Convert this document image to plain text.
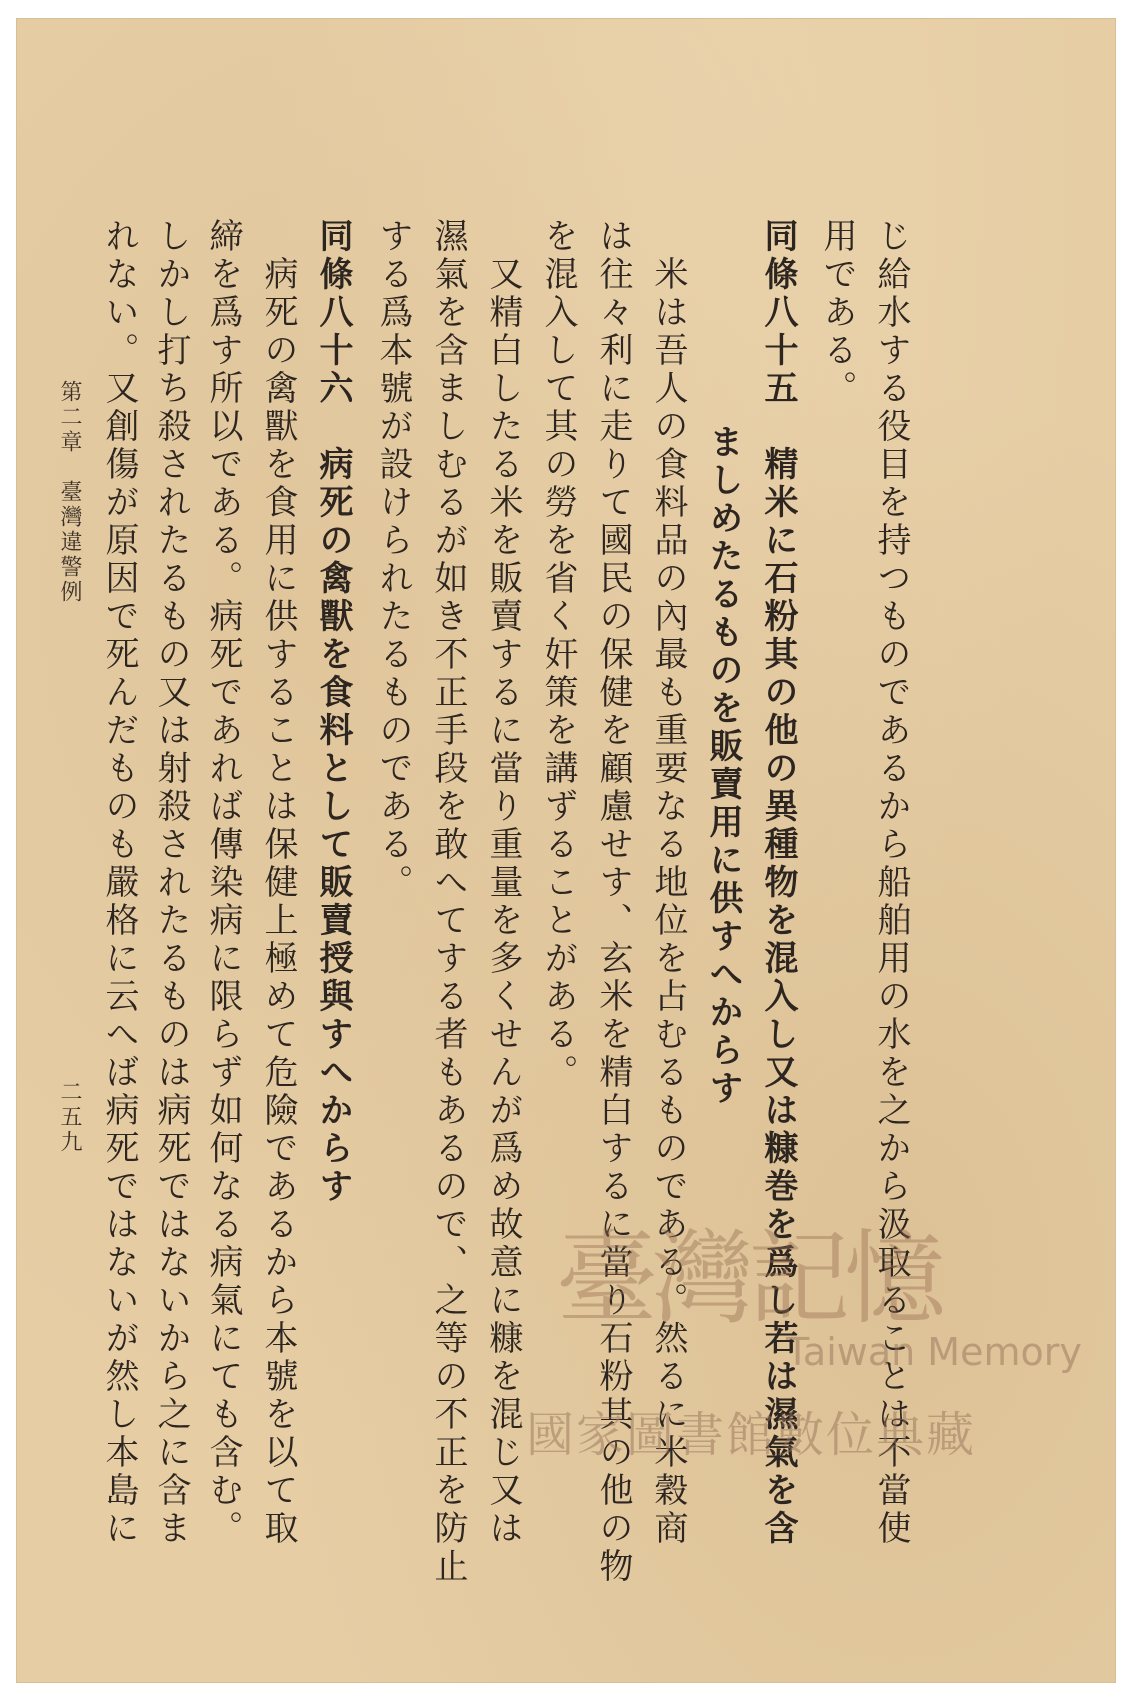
じ給水する役目を持つものであるから船舶用の水を之から汲取ることは不當使
用である。
同條八十五　精米に石粉其の他の異種物を混入し又は糠巻を爲し若は濕氣を含
ましめたるものを販賣用に供すへからす
米は吾人の食料品の內最も重要なる地位を占むるものである。然るに米穀商
は往々利に走りて國民の保健を顧慮せす、玄米を精白するに當り石粉其の他の物
を混入して其の勞を省く奸策を講ずることがある。
又精白したる米を販賣するに當り重量を多くせんが爲め故意に糠を混じ又は
濕氣を含ましむるが如き不正手段を敢へてする者もあるので、之等の不正を防止
する爲本號が設けられたるものである。
同條八十六　病死の禽獸を食料として販賣授與すへからす
病死の禽獸を食用に供することは保健上極めて危險であるから本號を以て取
締を爲す所以である。病死であれば傳染病に限らず如何なる病氣にても含む。
しかし打ち殺されたるもの又は射殺されたるものは病死ではないから之に含ま
れない。又創傷が原因で死んだものも嚴格に云へば病死ではないが然し本島に
第二章　臺灣違警例
二五九
臺灣記憶
Taiwan Memory
國家圖書館數位典藏
